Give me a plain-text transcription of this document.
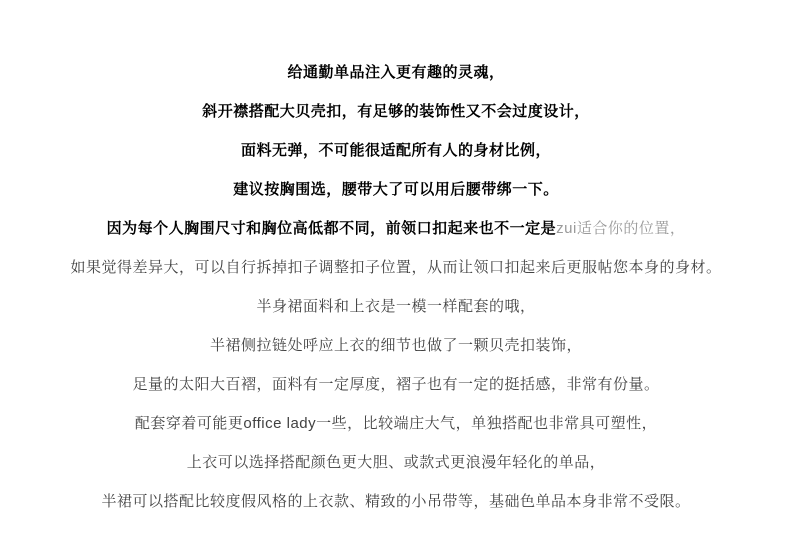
给通勤单品注入更有趣的灵魂，
斜开襟搭配大贝壳扣，有足够的装饰性又不会过度设计，
面料无弹，不可能很适配所有人的身材比例，
建议按胸围选，腰带大了可以用后腰带绑一下。
因为每个人胸围尺寸和胸位高低都不同，前领口扣起来也不一定是zui适合你的位置，
如果觉得差异大，可以自行拆掉扣子调整扣子位置，从而让领口扣起来后更服帖您本身的身材。
半身裙面料和上衣是一模一样配套的哦，
半裙侧拉链处呼应上衣的细节也做了一颗贝壳扣装饰，
足量的太阳大百褶，面料有一定厚度，褶子也有一定的挺括感，非常有份量。
配套穿着可能更office lady一些，比较端庄大气，单独搭配也非常具可塑性，
上衣可以选择搭配颜色更大胆、或款式更浪漫年轻化的单品，
半裙可以搭配比较度假风格的上衣款、精致的小吊带等，基础色单品本身非常不受限。
